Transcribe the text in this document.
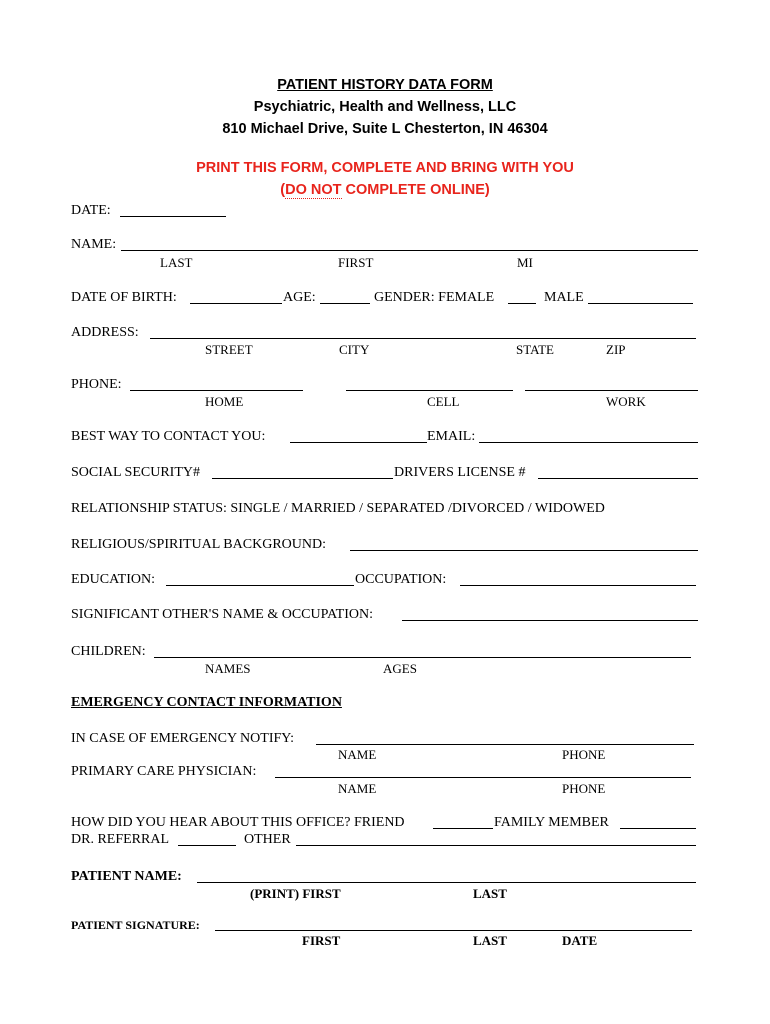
PATIENT HISTORY DATA FORM
Psychiatric, Health and Wellness, LLC
810 Michael Drive, Suite L Chesterton, IN 46304
PRINT THIS FORM, COMPLETE AND BRING WITH YOU
(DO NOT COMPLETE ONLINE)
DATE:
NAME:
LAST	FIRST	MI
DATE OF BIRTH:	AGE:	GENDER: FEMALE	MALE
ADDRESS:
STREET	CITY	STATE	ZIP
PHONE:
HOME	CELL	WORK
BEST WAY TO CONTACT YOU:	EMAIL:
SOCIAL SECURITY#	DRIVERS LICENSE #
RELATIONSHIP STATUS: SINGLE / MARRIED / SEPARATED /DIVORCED / WIDOWED
RELIGIOUS/SPIRITUAL BACKGROUND:
EDUCATION:	OCCUPATION:
SIGNIFICANT OTHER'S NAME & OCCUPATION:
CHILDREN:
NAMES	AGES
EMERGENCY CONTACT INFORMATION
IN CASE OF EMERGENCY NOTIFY:
NAME	PHONE
PRIMARY CARE PHYSICIAN:
NAME	PHONE
HOW DID YOU HEAR ABOUT THIS OFFICE? FRIEND	FAMILY MEMBER
DR. REFERRAL	OTHER
PATIENT NAME:
(PRINT) FIRST	LAST
PATIENT SIGNATURE:
FIRST	LAST	DATE
